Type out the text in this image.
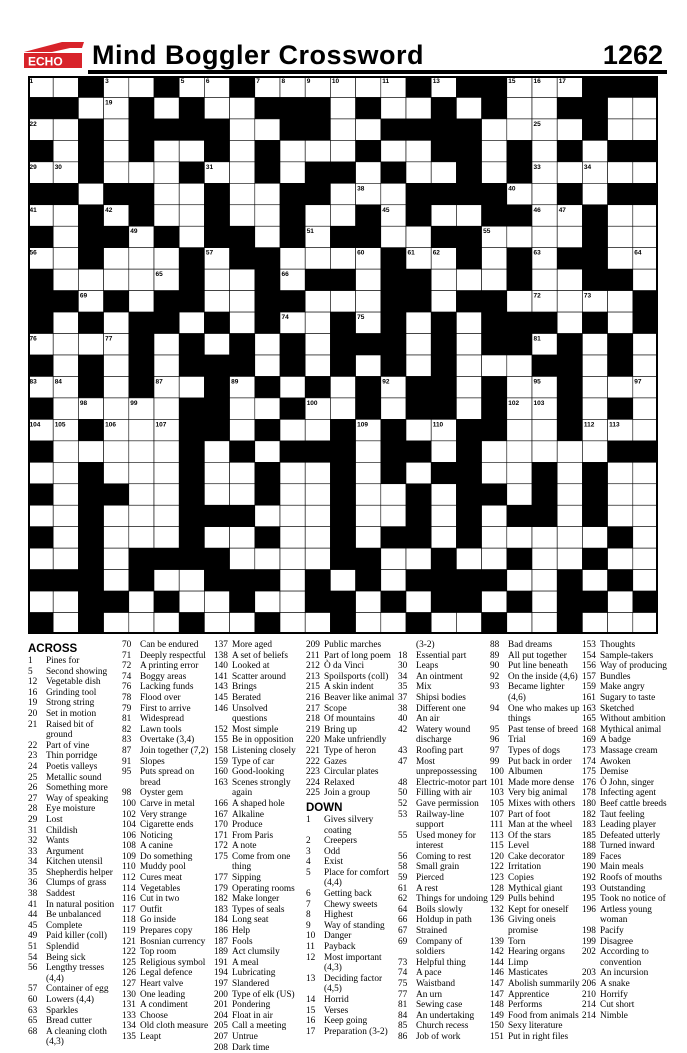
ECHO Mind Boggler Crossword	1262
1	2	3	4	5	6	7	8	9	10	11	12	13	14	15	16	17	18
19	20	21
22	23	24	25
26	27	28
29	30	31	32	33	34
35	36	37	38	39	40
41	42	43	44	45	46	47	48
49	50	51	52	53	54	55
56	57	58	59	60	61	62	63	64
65	66	67
68	69	70	71	72	73
74	75
76	77	78	79	80	81
82
83	84	85	86	87	88	89	90	91	92	93	94	95	96	97
98	99	100	101	102 103
104 105	106	107	108	109	110	111	112 113
ACROSS
1	Pines for
5	Second showing
12 Vegetable dish
16 Grinding tool
19 Strong string
20 Set in motion
21 Raised bit of
ground
22 Part of vine
23 Thin porridge
24 Poetis valleys
25 Metallic sound
26 Something more
27 Way of speaking
28 Eye moisture
29 Lost
31 Childish
32 Wants
33 Argument
34 Kitchen utensil
35 Shepherdis helper
36 Clumps of grass
38 Saddest
41 In natural position
44 Be unbalanced
45 Complete
49 Paid killer (coll)
51 Splendid
54 Being sick
56 Lengthy tresses
(4,4)
57 Container of egg
60 Lowers (4,4)
63 Sparkles
65 Bread cutter
68 A cleaning cloth
(4,3)
70 Can be endured
71 Deeply respectful
72 A printing error
74 Boggy areas
76 Lacking funds
78 Flood over
79 First to arrive
81 Widespread
82 Lawn tools
83 Overtake (3,4)
87 Join together (7,2)
91 Slopes
95 Puts spread on
bread
98 Oyster gem
100 Carve in metal
102 Very strange
104 Cigarette ends
106 Noticing
108 A canine
109 Do something
110 Muddy pool
112 Cures meat
114 Vegetables
116 Cut in two
117 Outfit
118 Go inside
119 Prepares copy
121 Bosnian currency
122 Top room
125 Religious symbol
126 Legal defence
127 Heart valve
130 One leading
131 A condiment
133 Choose
134 Old cloth measure
135 Leapt
137 More aged
138 A set of beliefs
140 Looked at
141 Scatter around
143 Brings
145 Berated
146 Unsolved questions
152 Most simple
155 Be in opposition
158 Listening closely
159 Type of car
160 Good-looking
163 Scenes strongly
again
166 A shaped hole
167 Alkaline
170 Produce
171 From Paris
172 A note
175 Come from one
thing
177 Sipping
179 Operating rooms
182 Make longer
183 Types of seals
184 Long seat
186 Help
187 Fools
189 Act clumsily
191 A meal
194 Lubricating
197 Slandered
200 Type of elk (US)
201 Pondering
204 Float in air
205 Call a meeting
207 Untrue
208 Dark time
209 Public marches
211 Part of long poem
212 Ò da Vinci
213 Spoilsports (coll)
215 A skin indent
216 Beaver like animal
217 Scope
218 Of mountains
219 Bring up
220 Make unfriendly
221 Type of heron
222 Gazes
223 Circular plates
224 Relaxed
225 Join a group
DOWN
1	Gives silvery
coating
2	Creepers
3	Odd
4	Exist
5	Place for comfort
(4,4)
6	Getting back
7	Chewy sweets
8	Highest
9	Way of standing
10 Danger
11 Payback
12 Most important
(4,3)
13 Deciding factor
(4,5)
14 Horrid
15 Verses
16 Keep going
17 Preparation (3-2)
(3-2)
18 Essential part
30 Leaps
34 An ointment
35 Mix
37 Shipsi bodies
38 Different one
40 An air
42 Watery wound
discharge
43 Roofing part
47 Most
unprepossessing
48 Electric-motor part
50 Filling with air
52 Gave permission
53 Railway-line
support
55 Used money for
interest
56 Coming to rest
58 Small grain
59 Pierced
61 A rest
62 Things for undoing
64 Boils slowly
66 Holdup in path
67 Strained
69 Company of
soldiers
73 Helpful thing
74 A pace
75 Waistband
77 An urn
81 Sewing case
84 An undertaking
85 Church recess
86 Job of work
88 Bad dreams
89 All put together
90 Put line beneath
92 On the inside (4,6)
93 Became lighter
(4,6)
94 One who makes up
things
95 Past tense of breed
96 Trial
97 Types of dogs
99 Put back in order
100 Albumen
101 Made more dense
103 Very big animal
105 Mixes with others
107 Part of foot
111 Man at the wheel
113 Of the stars
115 Level
120 Cake decorator
122 Irritation
123 Copies
128 Mythical giant
129 Pulls behind
132 Kept for oneself
136 Giving oneis
promise
139 Torn
142 Hearing organs
144 Limp
146 Masticates
147 Abolish summarily
147 Apprentice
148 Performs
149 Food from animals
150 Sexy literature
151 Put in right files
153 Thoughts
154 Sample-takers
156 Way of producing
157 Bundles
159 Make angry
161 Sugary to taste
163 Sketched
165 Without ambition
168 Mythical animal
169 A badge
173 Massage cream
174 Awoken
175 Demise
176 Ò John, singer
178 Infecting agent
180 Beef cattle breeds
182 Taut feeling
183 Leading player
185 Defeated utterly
188 Turned inward
189 Faces
190 Main meals
192 Roofs of mouths
193 Outstanding
195 Took no notice of
196 Artless young
woman
198 Pacify
199 Disagree
202 According to
convention
203 An incursion
206 A snake
210 Horrify
214 Cut short
214 Nimble
